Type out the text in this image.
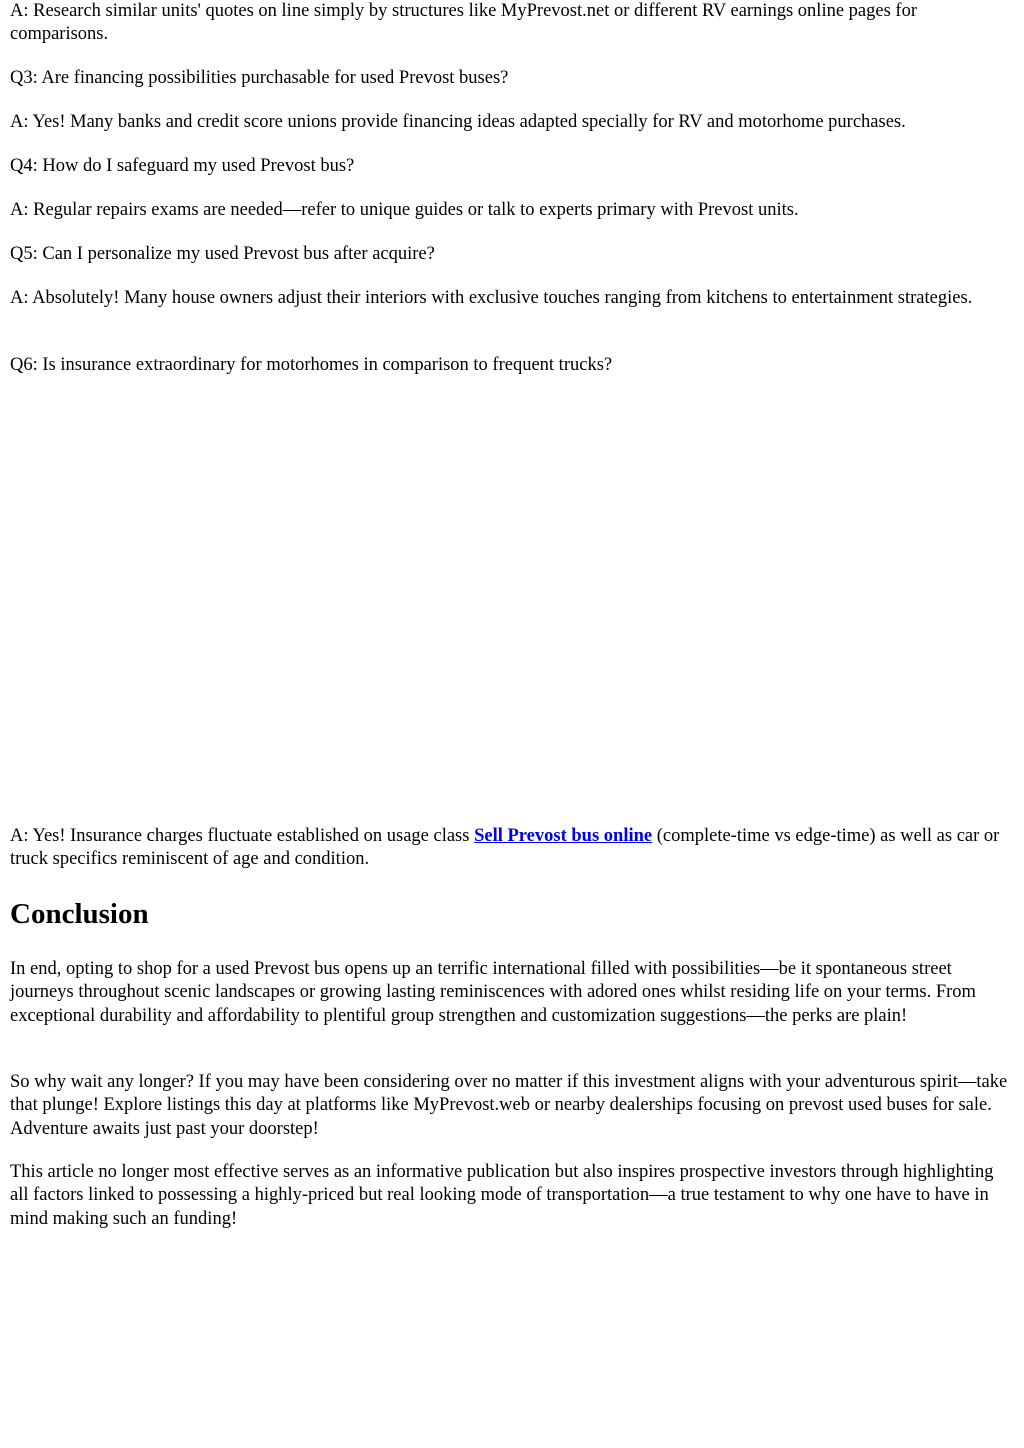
A: Research similar units' quotes on line simply by structures like MyPrevost.net or different RV earnings online pages for comparisons.

Q3: Are financing possibilities purchasable for used Prevost buses?

A: Yes! Many banks and credit score unions provide financing ideas adapted specially for RV and motorhome purchases.

Q4: How do I safeguard my used Prevost bus?

A: Regular repairs exams are needed—refer to unique guides or talk to experts primary with Prevost units.

Q5: Can I personalize my used Prevost bus after acquire?

A: Absolutely! Many house owners adjust their interiors with exclusive touches ranging from kitchens to entertainment strategies.

Q6: Is insurance extraordinary for motorhomes in comparison to frequent trucks?

A: Yes! Insurance charges fluctuate established on usage class Sell Prevost bus online (complete-time vs edge-time) as well as car or truck specifics reminiscent of age and condition.

Conclusion

In end, opting to shop for a used Prevost bus opens up an terrific international filled with possibilities—be it spontaneous street journeys throughout scenic landscapes or growing lasting reminiscences with adored ones whilst residing life on your terms. From exceptional durability and affordability to plentiful group strengthen and customization suggestions—the perks are plain!

So why wait any longer? If you may have been considering over no matter if this investment aligns with your adventurous spirit—take that plunge! Explore listings this day at platforms like MyPrevost.web or nearby dealerships focusing on prevost used buses for sale. Adventure awaits just past your doorstep!

This article no longer most effective serves as an informative publication but also inspires prospective investors through highlighting all factors linked to possessing a highly-priced but real looking mode of transportation—a true testament to why one have to have in mind making such an funding!
